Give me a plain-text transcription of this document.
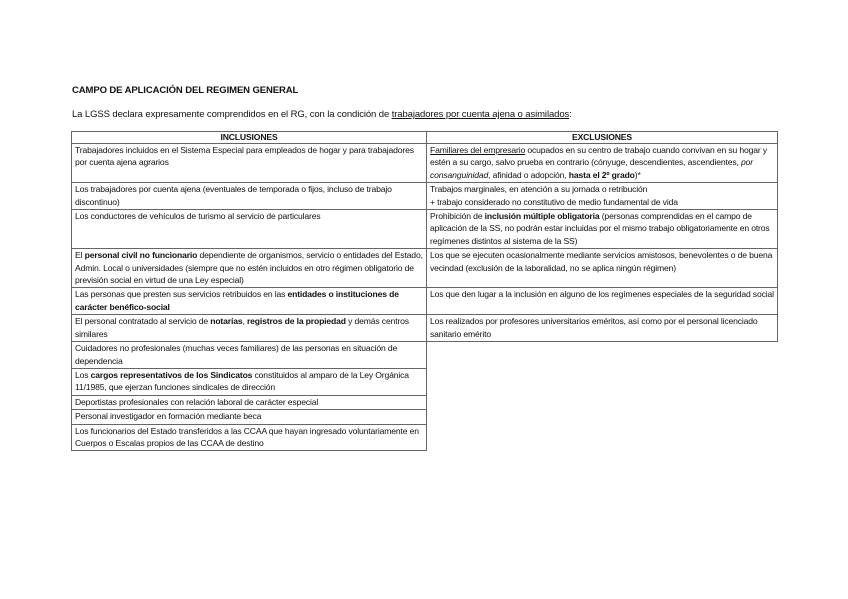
CAMPO DE APLICACIÓN DEL REGIMEN GENERAL
La LGSS declara expresamente comprendidos en el RG, con la condición de trabajadores por cuenta ajena o asimilados:
INCLUSIONES	EXCLUSIONES
Trabajadores incluidos en el Sistema Especial para empleados de hogar y para trabajadores por cuenta ajena agrarios	Familiares del empresario ocupados en su centro de trabajo cuando convivan en su hogar y estén a su cargo, salvo prueba en contrario (cónyuge, descendientes, ascendientes, por consanguinidad, afinidad o adopción, hasta el 2º grado)*
Los trabajadores por cuenta ajena (eventuales de temporada o fijos, incluso de trabajo discontinuo)	Trabajos marginales, en atención a su jornada o retribución
+ trabajo considerado no constitutivo de medio fundamental de vida
Los conductores de vehículos de turismo al servicio de particulares	Prohibición de inclusión múltiple obligatoria (personas comprendidas en el campo de aplicación de la SS, no podrán estar incluidas por el mismo trabajo obligatoriamente en otros regímenes distintos al sistema de la SS)
El personal civil no funcionario dependiente de organismos, servicio o entidades del Estado, Admin. Local o universidades (siempre que no estén incluidos en otro régimen obligatorio de previsión social en virtud de una Ley especial)	Los que se ejecuten ocasionalmente mediante servicios amistosos, benevolentes o de buena vecindad (exclusión de la laboralidad, no se aplica ningún régimen)
Las personas que presten sus servicios retribuidos en las entidades o instituciones de carácter benéfico-social	Los que den lugar a la inclusión en alguno de los regímenes especiales de la seguridad social
El personal contratado al servicio de notarías, registros de la propiedad y demás centros similares	Los realizados por profesores universitarios eméritos, así como por el personal licenciado sanitario emérito
Cuidadores no profesionales (muchas veces familiares) de las personas en situación de dependencia	
Los cargos representativos de los Sindicatos constituidos al amparo de la Ley Orgánica 11/1985, que ejerzan funciones sindicales de dirección	
Deportistas profesionales con relación laboral de carácter especial	
Personal investigador en formación mediante beca	
Los funcionarios del Estado transferidos a las CCAA que hayan ingresado voluntariamente en Cuerpos o Escalas propios de las CCAA de destino	
